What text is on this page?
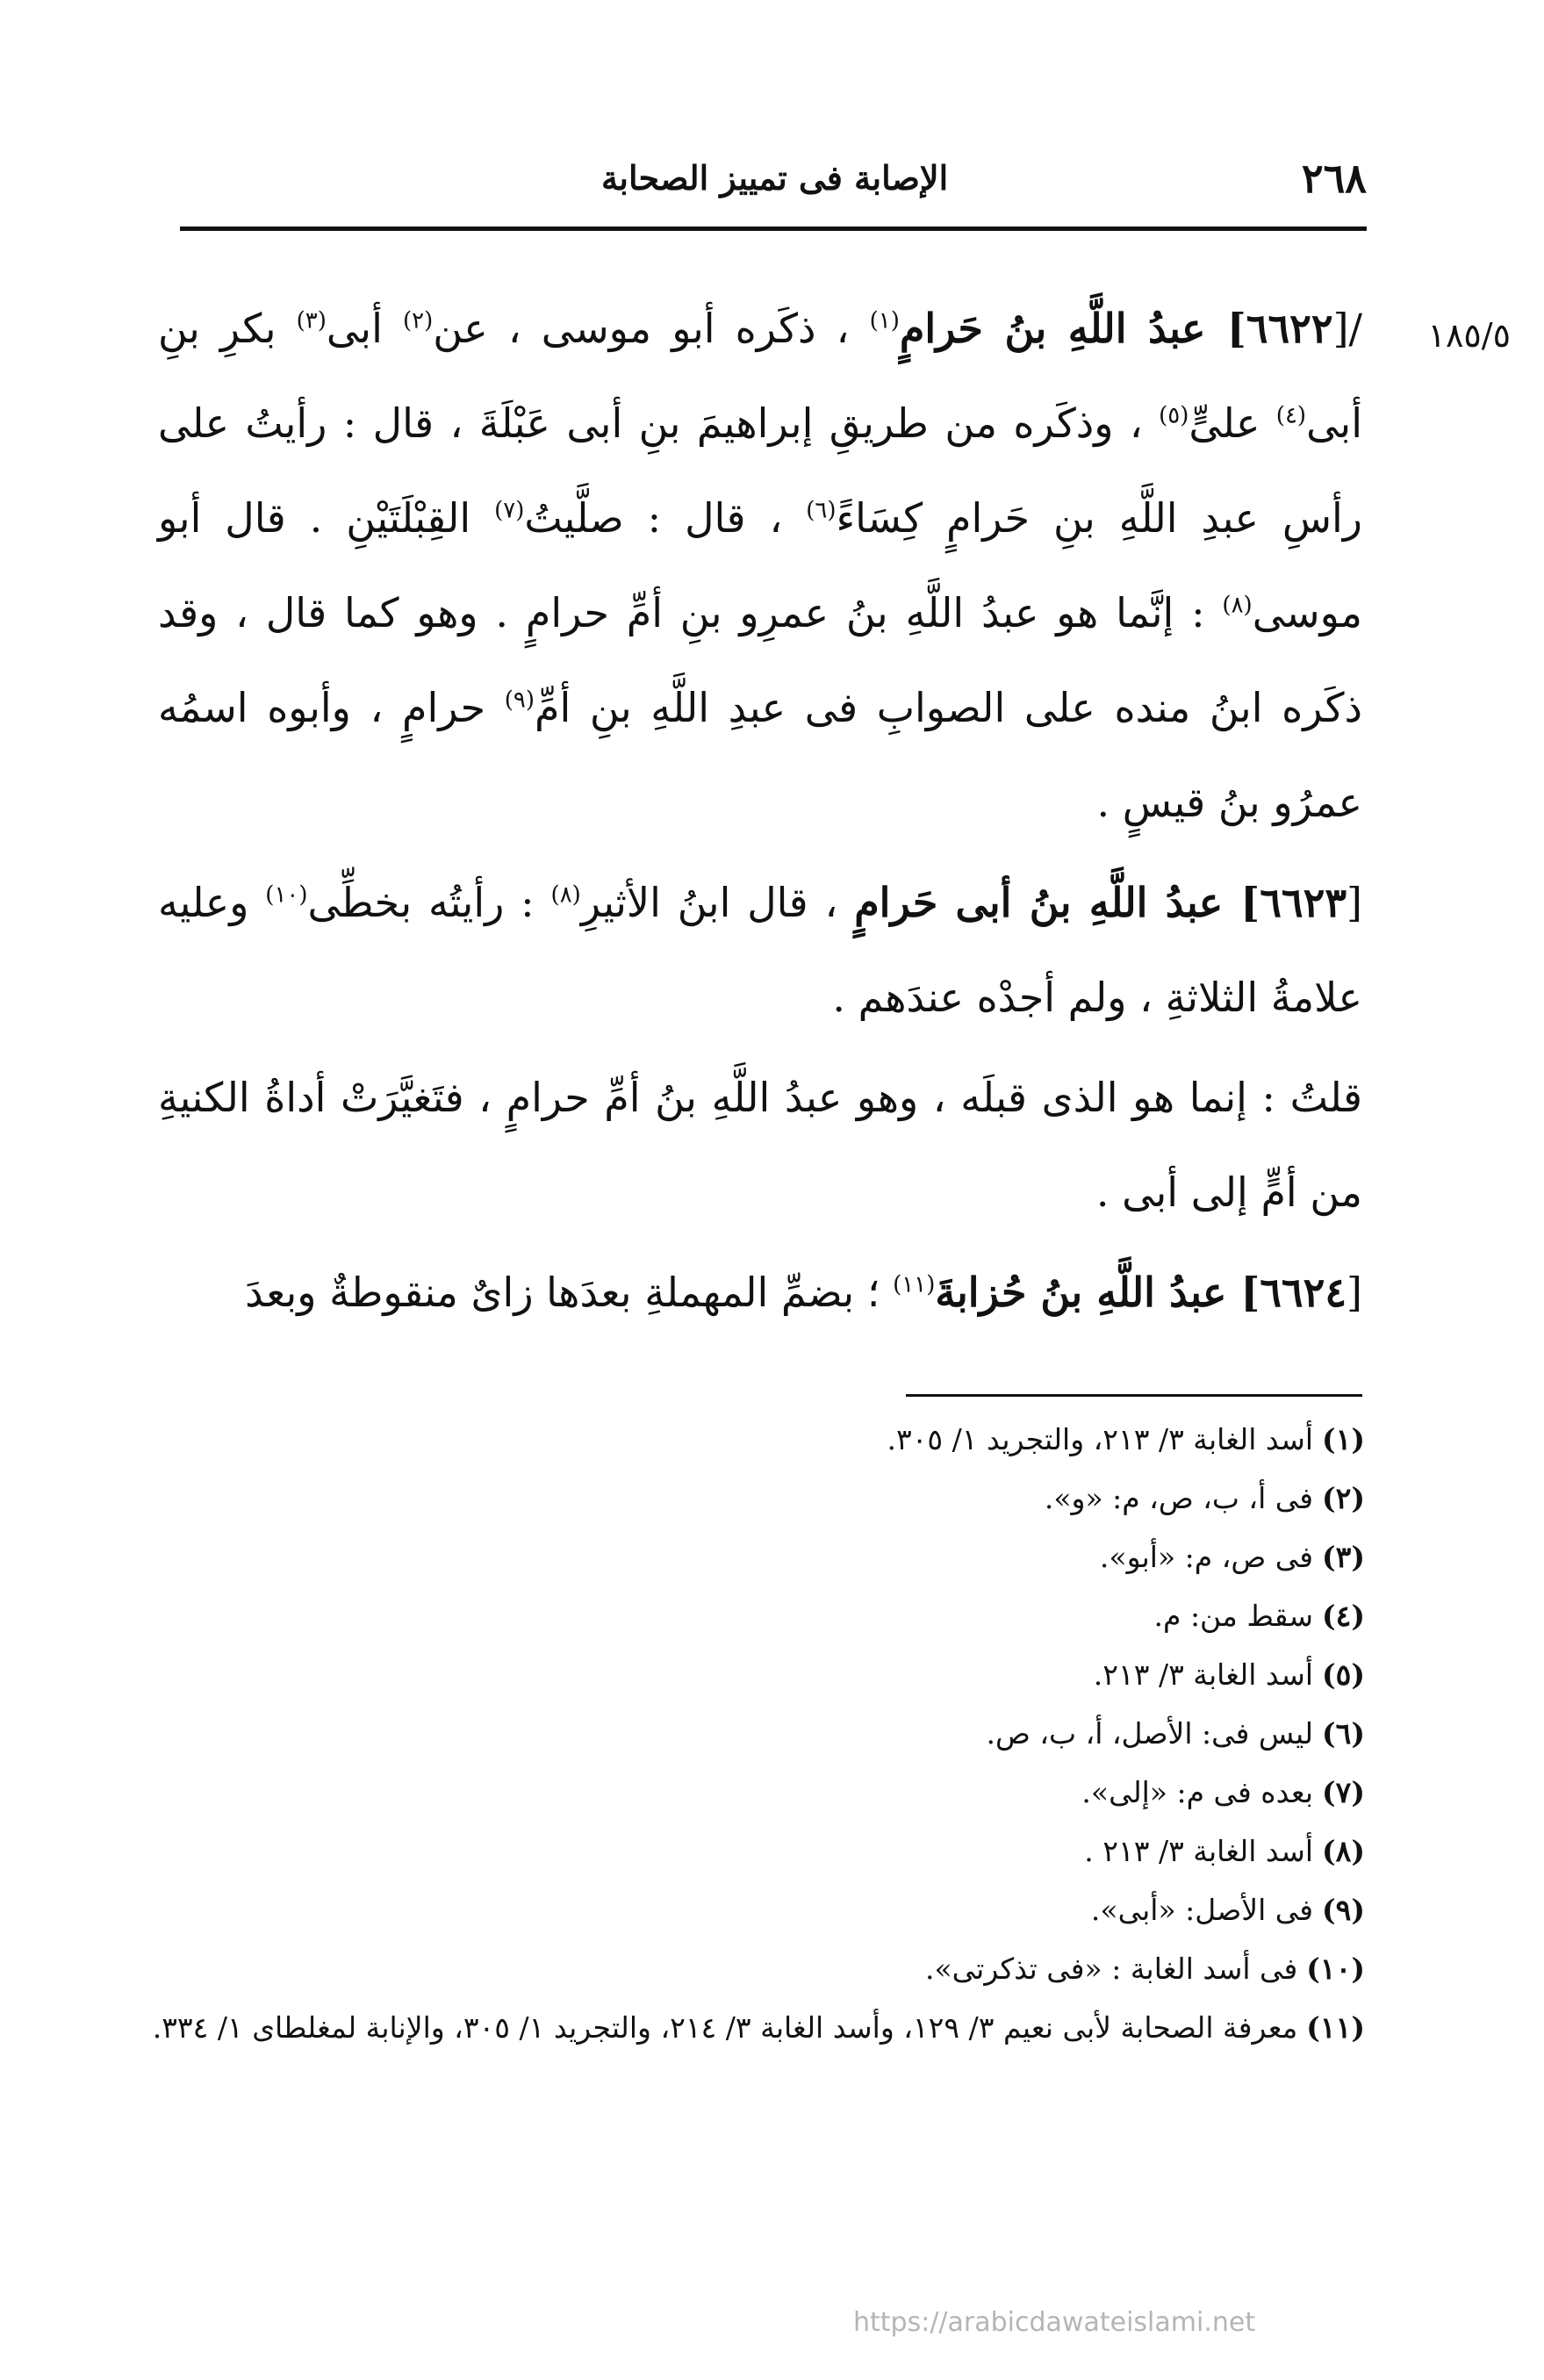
٢٦٨
الإصابة فى تمييز الصحابة
١٨٥/٥

/[٦٦٢٢] عبدُ اللَّهِ بنُ حَرامٍ$^{(١)}$ ، ذكَره أبو موسى ، عن$^{(٢)}$ أبى$^{(٣)}$ بكرِ بنِ أبى$^{(٤)}$ علىٍّ$^{(٥)}$ ، وذكَره من طريقِ إبراهيمَ بنِ أبى عَبْلَةَ ، قال : رأيتُ على رأسِ عبدِ اللَّهِ بنِ حَرامٍ كِسَاءً$^{(٦)}$ ، قال : صلَّيتُ$^{(٧)}$ القِبْلَتَيْنِ . قال أبو موسى$^{(٨)}$ : إنَّما هو عبدُ اللَّهِ بنُ عمرِو بنِ أمِّ حرامٍ . وهو كما قال ، وقد ذكَره ابنُ منده على الصوابِ فى عبدِ اللَّهِ بنِ أمِّ$^{(٩)}$ حرامٍ ، وأبوه اسمُه عمرُو بنُ قيسٍ .

[٦٦٢٣] عبدُ اللَّهِ بنُ أبى حَرامٍ ، قال ابنُ الأثيرِ$^{(٨)}$ : رأيتُه بخطِّى$^{(١٠)}$ وعليه علامةُ الثلاثةِ ، ولم أجدْه عندَهم .

قلتُ : إنما هو الذى قبلَه ، وهو عبدُ اللَّهِ بنُ أمِّ حرامٍ ، فتَغيَّرَتْ أداةُ الكنيةِ من أمٍّ إلى أبى .

[٦٦٢٤] عبدُ اللَّهِ بنُ حُزابةَ$^{(١١)}$ ؛ بضمِّ المهملةِ بعدَها زاىٌ منقوطةٌ وبعدَ

(١)أسد الغابة ٣/ ٢١٣، والتجريد ١/ ٣٠٥.
(٢)فى أ، ب، ص، م: «و».
(٣)فى ص، م: «أبو».
(٤)سقط من: م.
(٥)أسد الغابة ٣/ ٢١٣.
(٦)ليس فى: الأصل، أ، ب، ص.
(٧)بعده فى م: «إلى».
(٨)أسد الغابة ٣/ ٢١٣ .
(٩)فى الأصل: «أبى».
(١٠)فى أسد الغابة : «فى تذكرتى».
(١١)معرفة الصحابة لأبى نعيم ٣/ ١٢٩، وأسد الغابة ٣/ ٢١٤، والتجريد ١/ ٣٠٥، والإنابة لمغلطاى ١/ ٣٣٤.
https://arabicdawateislami.net
